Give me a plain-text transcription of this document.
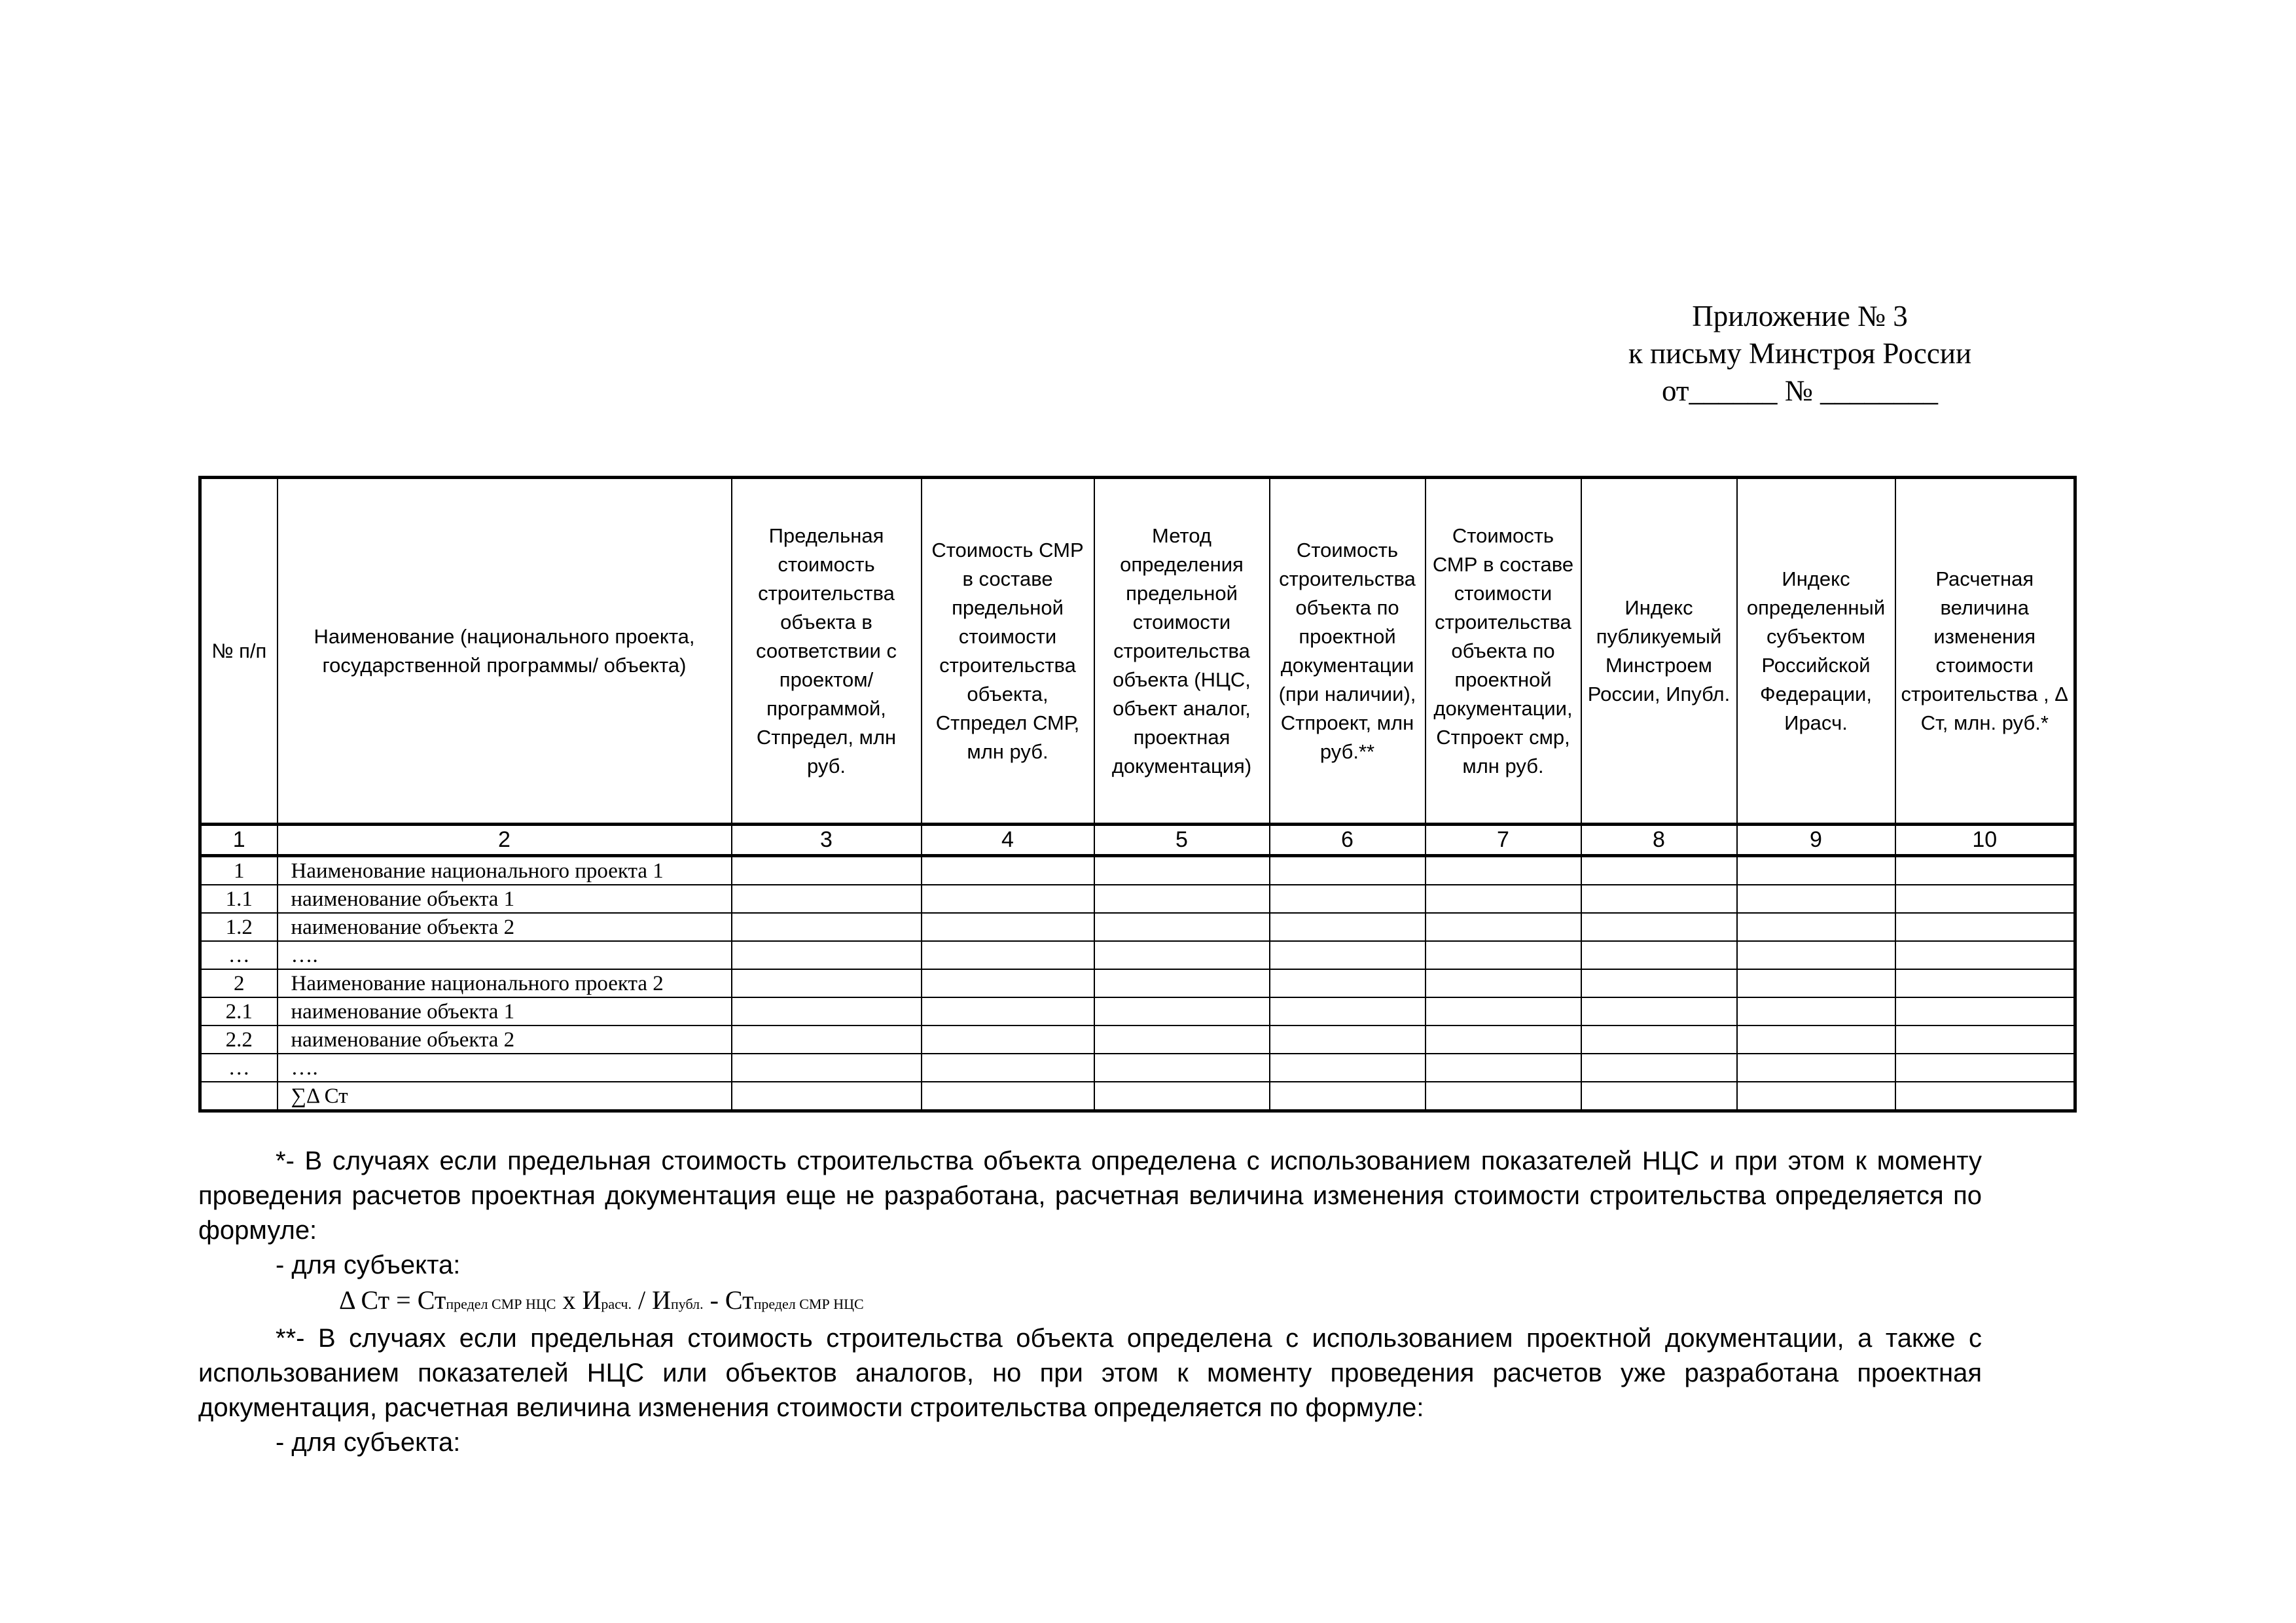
Приложение № 3
к письму Минстроя России
от______ № ________
№ п/п	Наименование (национального проекта, государственной программы/ объекта)	Предельная стоимость строительства объекта в соответствии с проектом/ программой, Стпредел, млн руб.	Стоимость СМР в составе предельной стоимости строительства объекта, Стпредел СМР, млн руб.	Метод определения предельной стоимости строительства объекта (НЦС, объект аналог, проектная документация)	Стоимость строительства объекта по проектной документации (при наличии), Стпроект, млн руб.**	Стоимость СМР в составе стоимости строительства объекта по проектной документации, Стпроект смр, млн руб.	Индекс публикуемый Минстроем России, Ипубл.	Индекс определенный субъектом Российской Федерации, Ирасч.	Расчетная величина изменения стоимости строительства , Δ Ст, млн. руб.*
1	2	3	4	5	6	7	8	9	10
1	Наименование национального проекта 1								
1.1	наименование объекта 1								
1.2	наименование объекта 2								
…	….								
2	Наименование национального проекта 2								
2.1	наименование объекта 1								
2.2	наименование объекта 2								
…	….								
	∑Δ Ст								

*- В случаях если предельная стоимость строительства объекта определена с использованием показателей НЦС и при этом к моменту проведения расчетов проектная документация еще не разработана, расчетная величина изменения стоимости строительства определяется по формуле:

- для субъекта:

Δ Ст = Стпредел СМР НЦС х Ирасч. / Ипубл. - Стпредел СМР НЦС

**- В случаях если предельная стоимость строительства объекта определена с использованием проектной документации, а также с использованием показателей НЦС или объектов аналогов, но при этом к моменту проведения расчетов уже разработана проектная документация, расчетная величина изменения стоимости строительства определяется по формуле:

- для субъекта:
